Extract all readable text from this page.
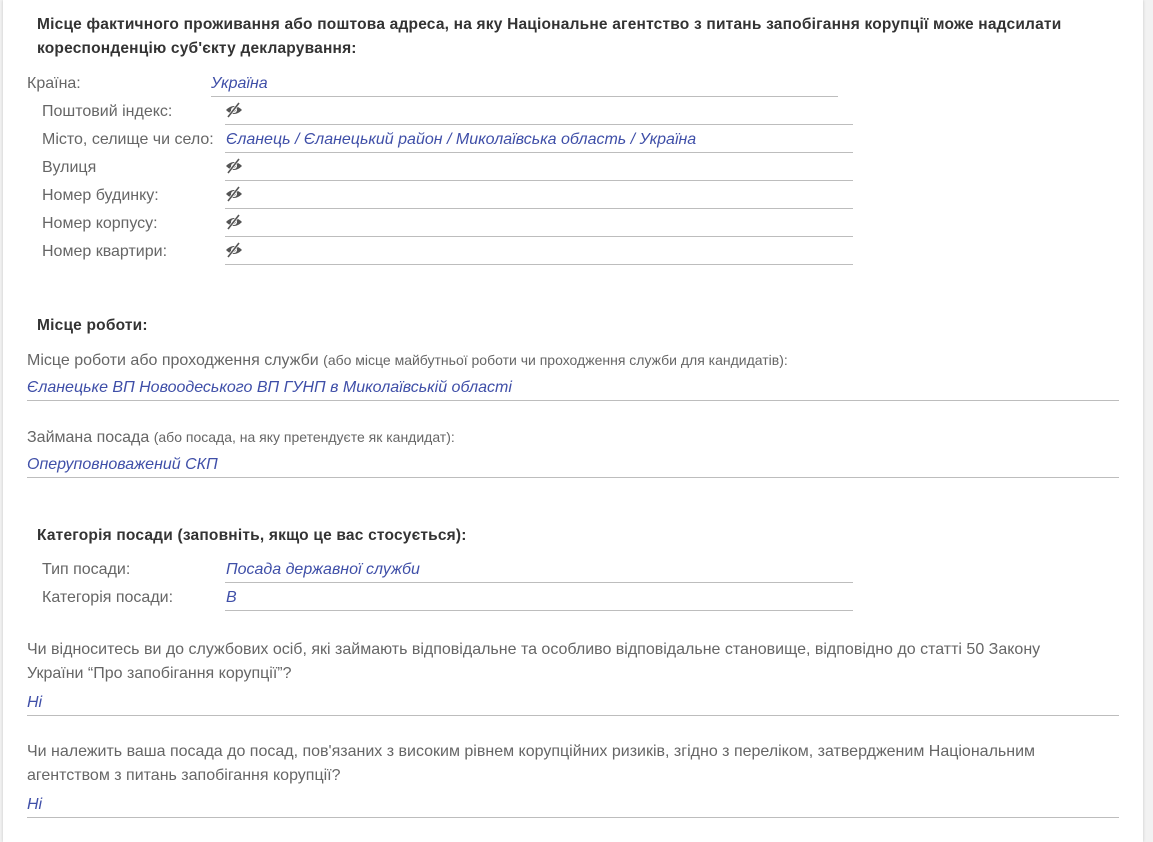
Місце фактичного проживання або поштова адреса, на яку Національне агентство з питань запобігання корупції може надсилати
кореспонденцію суб'єкту декларування:
Країна:	Україна
Поштовий індекс:
Місто, селище чи село: Єланець / Єланецький район / Миколаївська область / Україна
Вулиця
Номер будинку:
Номер корпусу:
Номер квартири:
Місце роботи:
Місце роботи або проходження служби (або місце майбутньої роботи чи проходження служби для кандидатів):
Єланецьке ВП Новоодеського ВП ГУНП в Миколаївській області
Займана посада (або посада, на яку претендуєте як кандидат):
Оперуповноважений СКП
Категорія посади (заповніть, якщо це вас стосується):
Тип посади:	Посада державної служби
Категорія посади:	В
Чи відноситесь ви до службових осіб, які займають відповідальне та особливо відповідальне становище, відповідно до статті 50 Закону
України “Про запобігання корупції”?
Ні
Чи належить ваша посада до посад, пов'язаних з високим рівнем корупційних ризиків, згідно з переліком, затвердженим Національним
агентством з питань запобігання корупції?
Ні
